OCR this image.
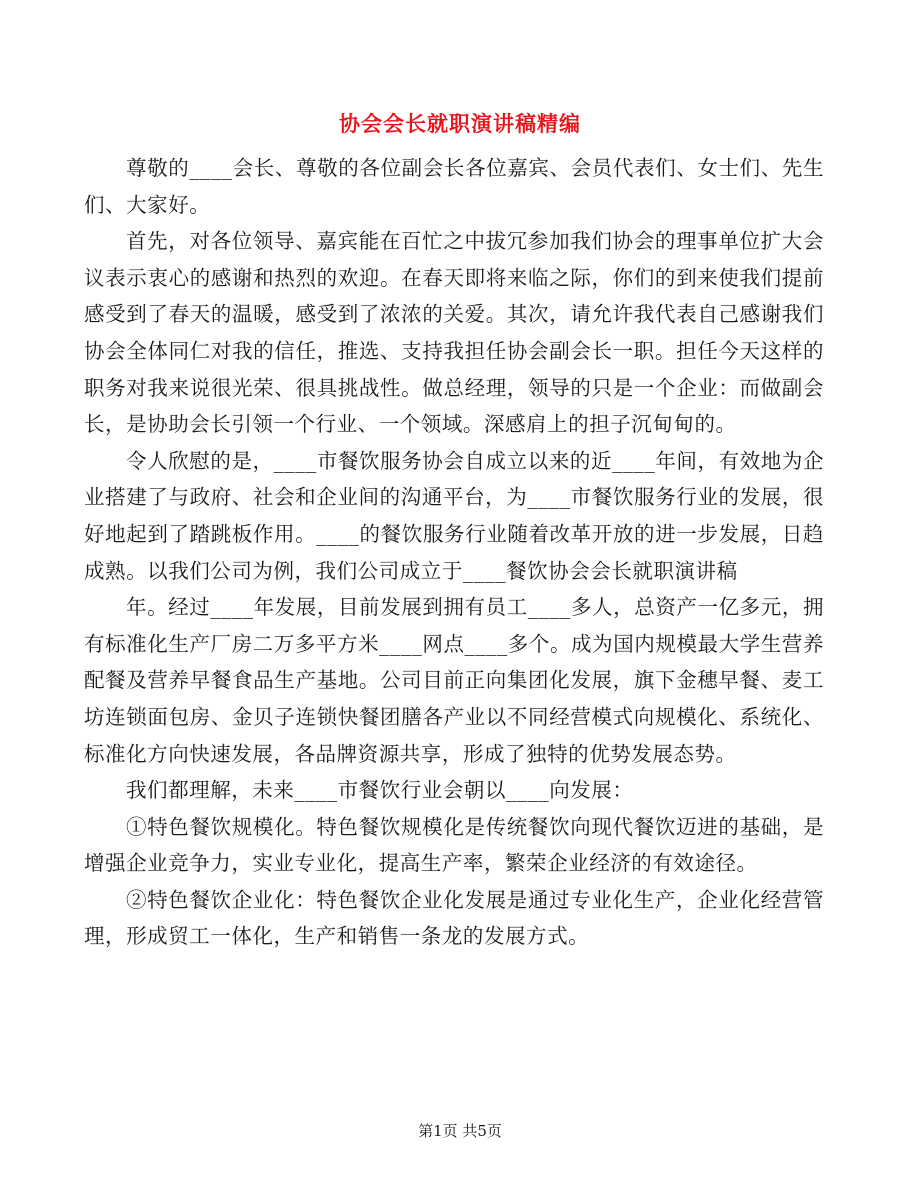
协会会长就职演讲稿精编

尊敬的____会长、尊敬的各位副会长各位嘉宾、会员代表们、女士们、先生们、大家好。

首先，对各位领导、嘉宾能在百忙之中拔冗参加我们协会的理事单位扩大会议表示衷心的感谢和热烈的欢迎。在春天即将来临之际，你们的到来使我们提前感受到了春天的温暖，感受到了浓浓的关爱。其次，请允许我代表自己感谢我们协会全体同仁对我的信任，推选、支持我担任协会副会长一职。担任今天这样的职务对我来说很光荣、很具挑战性。做总经理，领导的只是一个企业：而做副会长，是协助会长引领一个行业、一个领域。深感肩上的担子沉甸甸的。

令人欣慰的是，____市餐饮服务协会自成立以来的近____年间，有效地为企业搭建了与政府、社会和企业间的沟通平台，为____市餐饮服务行业的发展，很好地起到了踏跳板作用。____的餐饮服务行业随着改革开放的进一步发展，日趋成熟。以我们公司为例，我们公司成立于____餐饮协会会长就职演讲稿

年。经过____年发展，目前发展到拥有员工____多人，总资产一亿多元，拥有标准化生产厂房二万多平方米____网点____多个。成为国内规模最大学生营养配餐及营养早餐食品生产基地。公司目前正向集团化发展，旗下金穗早餐、麦工坊连锁面包房、金贝子连锁快餐团膳各产业以不同经营模式向规模化、系统化、标准化方向快速发展，各品牌资源共享，形成了独特的优势发展态势。

我们都理解，未来____市餐饮行业会朝以____向发展：

①特色餐饮规模化。特色餐饮规模化是传统餐饮向现代餐饮迈进的基础，是增强企业竞争力，实业专业化，提高生产率，繁荣企业经济的有效途径。

②特色餐饮企业化：特色餐饮企业化发展是通过专业化生产，企业化经营管理，形成贸工一体化，生产和销售一条龙的发展方式。

第1页 共5页
